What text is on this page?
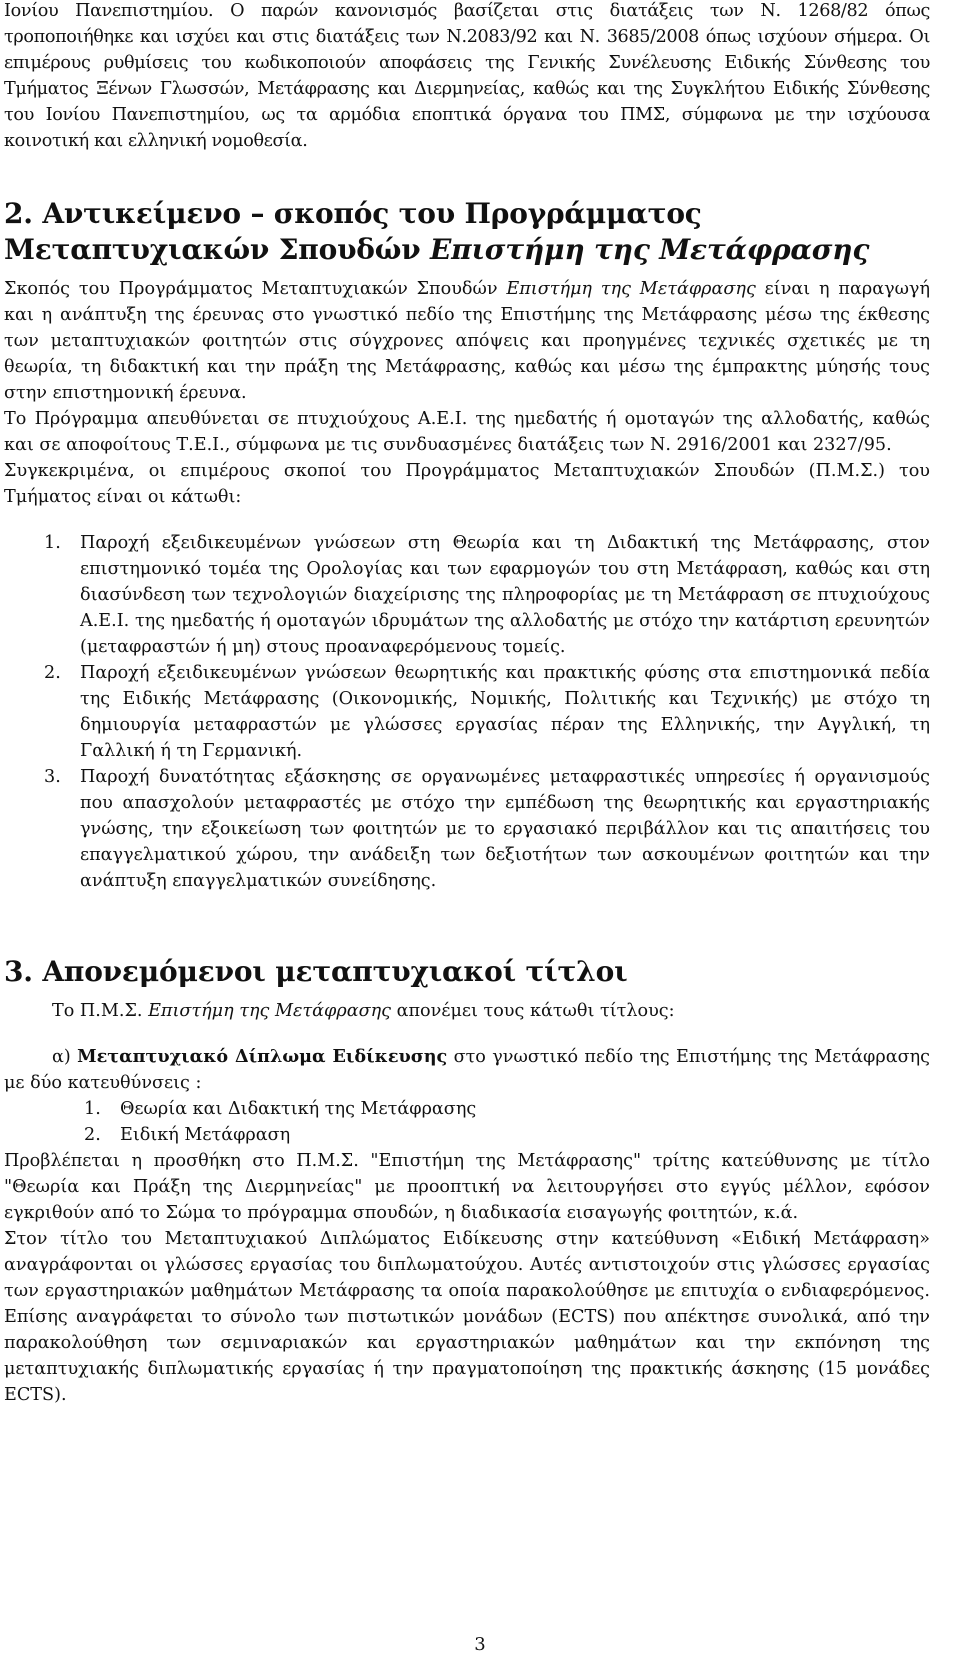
Ιονίου Πανεπιστημίου. Ο παρών κανονισμός βασίζεται στις διατάξεις των Ν. 1268/82 όπως τροποποιήθηκε και ισχύει και στις διατάξεις των Ν.2083/92 και Ν. 3685/2008 όπως ισχύουν σήμερα. Οι επιμέρους ρυθμίσεις του κωδικοποιούν αποφάσεις της Γενικής Συνέλευσης Ειδικής Σύνθεσης του Τμήματος Ξένων Γλωσσών, Μετάφρασης και Διερμηνείας, καθώς και της Συγκλήτου Ειδικής Σύνθεσης του Ιονίου Πανεπιστημίου, ως τα αρμόδια εποπτικά όργανα του ΠΜΣ, σύμφωνα με την ισχύουσα κοινοτική και ελληνική νομοθεσία.

2. Αντικείμενο – σκοπός του Προγράμματος Μεταπτυχιακών Σπουδών Επιστήμη της Μετάφρασης

Σκοπός του Προγράμματος Μεταπτυχιακών Σπουδών Επιστήμη της Μετάφρασης είναι η παραγωγή και η ανάπτυξη της έρευνας στο γνωστικό πεδίο της Επιστήμης της Μετάφρασης μέσω της έκθεσης των μεταπτυχιακών φοιτητών στις σύγχρονες απόψεις και προηγμένες τεχνικές σχετικές με τη θεωρία, τη διδακτική και την πράξη της Μετάφρασης, καθώς και μέσω της έμπρακτης μύησής τους στην επιστημονική έρευνα.

Το Πρόγραμμα απευθύνεται σε πτυχιούχους Α.Ε.Ι. της ημεδατής ή ομοταγών της αλλοδατής, καθώς και σε αποφοίτους Τ.Ε.Ι., σύμφωνα με τις συνδυασμένες διατάξεις των Ν. 2916/2001 και 2327/95.

Συγκεκριμένα, οι επιμέρους σκοποί του Προγράμματος Μεταπτυχιακών Σπουδών (Π.Μ.Σ.) του Τμήματος είναι οι κάτωθι:

1. Παροχή εξειδικευμένων γνώσεων στη Θεωρία και τη Διδακτική της Μετάφρασης, στον επιστημονικό τομέα της Ορολογίας και των εφαρμογών του στη Μετάφραση, καθώς και στη διασύνδεση των τεχνολογιών διαχείρισης της πληροφορίας με τη Μετάφραση σε πτυχιούχους Α.Ε.Ι. της ημεδατής ή ομοταγών ιδρυμάτων της αλλοδατής με στόχο την κατάρτιση ερευνητών (μεταφραστών ή μη) στους προαναφερόμενους τομείς.
2. Παροχή εξειδικευμένων γνώσεων θεωρητικής και πρακτικής φύσης στα επιστημονικά πεδία της Ειδικής Μετάφρασης (Οικονομικής, Νομικής, Πολιτικής και Τεχνικής) με στόχο τη δημιουργία μεταφραστών με γλώσσες εργασίας πέραν της Ελληνικής, την Αγγλική, τη Γαλλική ή τη Γερμανική.
3. Παροχή δυνατότητας εξάσκησης σε οργανωμένες μεταφραστικές υπηρεσίες ή οργανισμούς που απασχολούν μεταφραστές με στόχο την εμπέδωση της θεωρητικής και εργαστηριακής γνώσης, την εξοικείωση των φοιτητών με το εργασιακό περιβάλλον και τις απαιτήσεις του επαγγελματικού χώρου, την ανάδειξη των δεξιοτήτων των ασκουμένων φοιτητών και την ανάπτυξη επαγγελματικών συνείδησης.
3. Απονεμόμενοι μεταπτυχιακοί τίτλοι

Το Π.Μ.Σ. Επιστήμη της Μετάφρασης απονέμει τους κάτωθι τίτλους:

α) Μεταπτυχιακό Δίπλωμα Ειδίκευσης στο γνωστικό πεδίο της Επιστήμης της Μετάφρασης με δύο κατευθύνσεις :

1. Θεωρία και Διδακτική της Μετάφρασης
2. Ειδική Μετάφραση

Προβλέπεται η προσθήκη στο Π.Μ.Σ. "Επιστήμη της Μετάφρασης" τρίτης κατεύθυνσης με τίτλο "Θεωρία και Πράξη της Διερμηνείας" με προοπτική να λειτουργήσει στο εγγύς μέλλον, εφόσον εγκριθούν από το Σώμα το πρόγραμμα σπουδών, η διαδικασία εισαγωγής φοιτητών, κ.ά.

Στον τίτλο του Μεταπτυχιακού Διπλώματος Ειδίκευσης στην κατεύθυνση «Ειδική Μετάφραση» αναγράφονται οι γλώσσες εργασίας του διπλωματούχου. Αυτές αντιστοιχούν στις γλώσσες εργασίας των εργαστηριακών μαθημάτων Μετάφρασης τα οποία παρακολούθησε με επιτυχία ο ενδιαφερόμενος. Επίσης αναγράφεται το σύνολο των πιστωτικών μονάδων (ECTS) που απέκτησε συνολικά, από την παρακολούθηση των σεμιναριακών και εργαστηριακών μαθημάτων και την εκπόνηση της μεταπτυχιακής διπλωματικής εργασίας ή την πραγματοποίηση της πρακτικής άσκησης (15 μονάδες ECTS).

3
